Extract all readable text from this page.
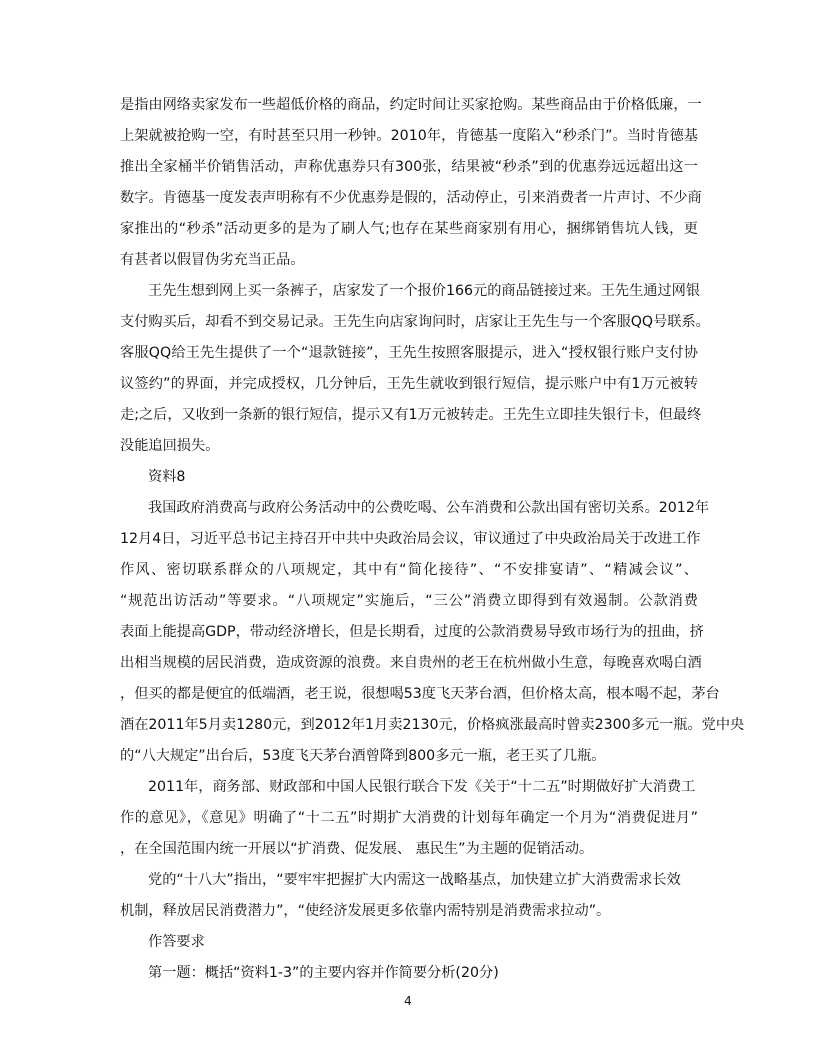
是指由网络卖家发布一些超低价格的商品，约定时间让买家抢购。某些商品由于价格低廉，一
上架就被抢购一空，有时甚至只用一秒钟。2010年，肯德基一度陷入“秒杀门”。当时肯德基
推出全家桶半价销售活动，声称优惠券只有300张，结果被“秒杀”到的优惠券远远超出这一
数字。肯德基一度发表声明称有不少优惠券是假的，活动停止，引来消费者一片声讨、不少商
家推出的“秒杀”活动更多的是为了刷人气;也存在某些商家别有用心，捆绑销售坑人钱，更
有甚者以假冒伪劣充当正品。
王先生想到网上买一条裤子，店家发了一个报价166元的商品链接过来。王先生通过网银
支付购买后，却看不到交易记录。王先生向店家询问时，店家让王先生与一个客服QQ号联系。
客服QQ给王先生提供了一个“退款链接”，王先生按照客服提示，进入“授权银行账户支付协
议签约”的界面，并完成授权，几分钟后，王先生就收到银行短信，提示账户中有1万元被转
走;之后，又收到一条新的银行短信，提示又有1万元被转走。王先生立即挂失银行卡，但最终
没能追回损失。
资料8
我国政府消费高与政府公务活动中的公费吃喝、公车消费和公款出国有密切关系。2012年
12月4日，习近平总书记主持召开中共中央政治局会议，审议通过了中央政治局关于改进工作
作风、密切联系群众的八项规定，其中有“简化接待”、“不安排宴请”、“精减会议”、
“规范出访活动”等要求。“八项规定”实施后，“三公”消费立即得到有效遏制。公款消费
表面上能提高GDP，带动经济增长，但是长期看，过度的公款消费易导致市场行为的扭曲，挤
出相当规模的居民消费，造成资源的浪费。来自贵州的老王在杭州做小生意，每晚喜欢喝白酒
，但买的都是便宜的低端酒，老王说，很想喝53度飞天茅台酒，但价格太高，根本喝不起，茅台
酒在2011年5月卖1280元，到2012年1月卖2130元，价格疯涨最高时曾卖2300多元一瓶。党中央
的“八大规定”出台后，53度飞天茅台酒曾降到800多元一瓶，老王买了几瓶。
2011年，商务部、财政部和中国人民银行联合下发《关于“十二五”时期做好扩大消费工
作的意见》，《意见》明确了“十二五”时期扩大消费的计划每年确定一个月为“消费促进月”
，在全国范围内统一开展以“扩消费、促发展、 惠民生”为主题的促销活动。
党的“十八大”指出，“要牢牢把握扩大内需这一战略基点，加快建立扩大消费需求长效
机制，释放居民消费潜力”，“使经济发展更多依靠内需特别是消费需求拉动”。
作答要求
第一题：概括“资料1-3”的主要内容并作简要分析(20分)
4
